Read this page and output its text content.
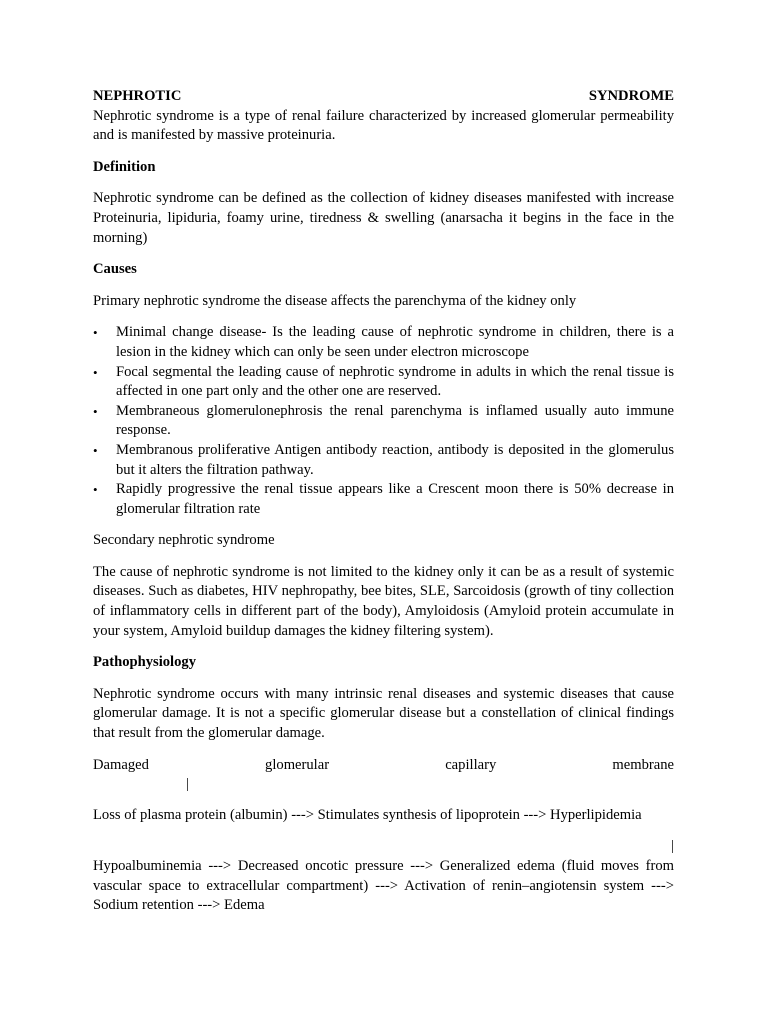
NEPHROTIC	SYNDROME

Nephrotic syndrome is a type of renal failure characterized by increased glomerular permeability and is manifested by massive proteinuria.

Definition

Nephrotic syndrome can be defined as the collection of kidney diseases manifested with increase Proteinuria, lipiduria, foamy urine, tiredness & swelling (anarsacha it begins in the face in the morning)

Causes

Primary nephrotic syndrome the disease affects the parenchyma of the kidney only

• Minimal change disease- Is the leading cause of nephrotic syndrome in children, there is a lesion in the kidney which can only be seen under electron microscope
• Focal segmental the leading cause of nephrotic syndrome in adults in which the renal tissue is affected in one part only and the other one are reserved.
• Membraneous glomerulonephrosis the renal parenchyma is inflamed usually auto immune response.
• Membranous proliferative Antigen antibody reaction, antibody is deposited in the glomerulus but it alters the filtration pathway.
• Rapidly progressive the renal tissue appears like a Crescent moon there is 50% decrease in glomerular filtration rate

Secondary nephrotic syndrome

The cause of nephrotic syndrome is not limited to the kidney only it can be as a result of systemic diseases. Such as diabetes, HIV nephropathy, bee bites, SLE, Sarcoidosis (growth of tiny collection of inflammatory cells in different part of the body), Amyloidosis (Amyloid protein accumulate in your system, Amyloid buildup damages the kidney filtering system).

Pathophysiology

Nephrotic syndrome occurs with many intrinsic renal diseases and systemic diseases that cause glomerular damage. It is not a specific glomerular disease but a constellation of clinical findings that result from the glomerular damage.

Damaged	glomerular	capillary	membrane

|

Loss of plasma protein (albumin) ---> Stimulates synthesis of lipoprotein ---> Hyperlipidemia

|

Hypoalbuminemia ---> Decreased oncotic pressure ---> Generalized edema (fluid moves from vascular space to extracellular compartment) ---> Activation of renin–angiotensin system ---> Sodium retention ---> Edema
